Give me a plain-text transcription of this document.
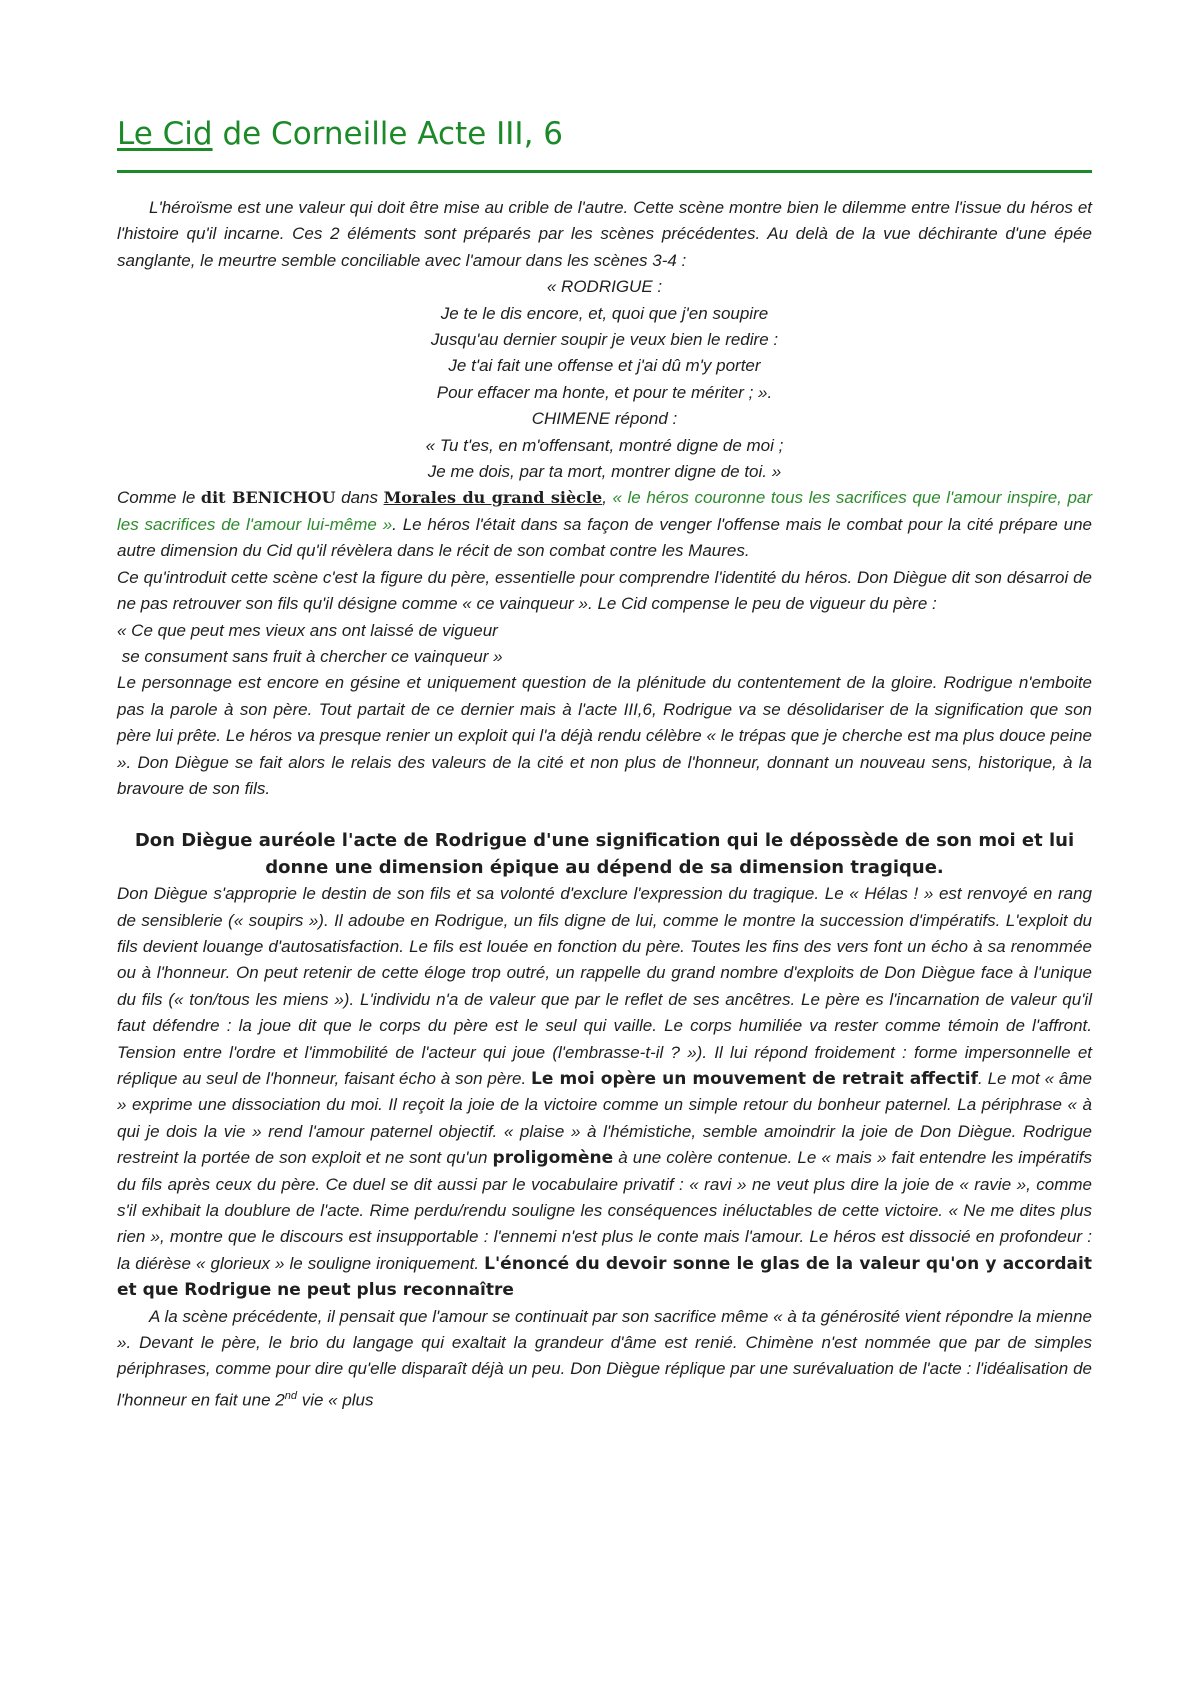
Le Cid de Corneille Acte III, 6

L'héroïsme est une valeur qui doit être mise au crible de l'autre. Cette scène montre bien le dilemme entre l'issue du héros et l'histoire qu'il incarne. Ces 2 éléments sont préparés par les scènes précédentes. Au delà de la vue déchirante d'une épée sanglante, le meurtre semble conciliable avec l'amour dans les scènes 3-4 :

« RODRIGUE :
Je te le dis encore, et, quoi que j'en soupire
Jusqu'au dernier soupir je veux bien le redire :
Je t'ai fait une offense et j'ai dû m'y porter
Pour effacer ma honte, et pour te mériter ; ».
CHIMENE répond :
« Tu t'es, en m'offensant, montré digne de moi ;
Je me dois, par ta mort, montrer digne de toi. »

Comme le dit BENICHOU dans Morales du grand siècle, « le héros couronne tous les sacrifices que l'amour inspire, par les sacrifices de l'amour lui-même ». Le héros l'était dans sa façon de venger l'offense mais le combat pour la cité prépare une autre dimension du Cid qu'il révèlera dans le récit de son combat contre les Maures.

Ce qu'introduit cette scène c'est la figure du père, essentielle pour comprendre l'identité du héros. Don Diègue dit son désarroi de ne pas retrouver son fils qu'il désigne comme « ce vainqueur ». Le Cid compense le peu de vigueur du père :

« Ce que peut mes vieux ans ont laissé de vigueur
se consument sans fruit à chercher ce vainqueur »

Le personnage est encore en gésine et uniquement question de la plénitude du contentement de la gloire. Rodrigue n'emboite pas la parole à son père. Tout partait de ce dernier mais à l'acte III,6, Rodrigue va se désolidariser de la signification que son père lui prête. Le héros va presque renier un exploit qui l'a déjà rendu célèbre « le trépas que je cherche est ma plus douce peine ». Don Diègue se fait alors le relais des valeurs de la cité et non plus de l'honneur, donnant un nouveau sens, historique, à la bravoure de son fils.

Don Diègue auréole l'acte de Rodrigue d'une signification qui le dépossède de son moi et lui donne une dimension épique au dépend de sa dimension tragique.

Don Diègue s'approprie le destin de son fils et sa volonté d'exclure l'expression du tragique. Le « Hélas ! » est renvoyé en rang de sensiblerie (« soupirs »). Il adoube en Rodrigue, un fils digne de lui, comme le montre la succession d'impératifs. L'exploit du fils devient louange d'autosatisfaction. Le fils est louée en fonction du père. Toutes les fins des vers font un écho à sa renommée ou à l'honneur. On peut retenir de cette éloge trop outré, un rappelle du grand nombre d'exploits de Don Diègue face à l'unique du fils (« ton/tous les miens »). L'individu n'a de valeur que par le reflet de ses ancêtres. Le père es l'incarnation de valeur qu'il faut défendre : la joue dit que le corps du père est le seul qui vaille. Le corps humiliée va rester comme témoin de l'affront. Tension entre l'ordre et l'immobilité de l'acteur qui joue (l'embrasse-t-il ? »). Il lui répond froidement : forme impersonnelle et réplique au seul de l'honneur, faisant écho à son père. Le moi opère un mouvement de retrait affectif. Le mot « âme » exprime une dissociation du moi. Il reçoit la joie de la victoire comme un simple retour du bonheur paternel. La périphrase « à qui je dois la vie » rend l'amour paternel objectif. « plaise » à l'hémistiche, semble amoindrir la joie de Don Diègue. Rodrigue restreint la portée de son exploit et ne sont qu'un proligomène à une colère contenue. Le « mais » fait entendre les impératifs du fils après ceux du père. Ce duel se dit aussi par le vocabulaire privatif : « ravi » ne veut plus dire la joie de « ravie », comme s'il exhibait la doublure de l'acte. Rime perdu/rendu souligne les conséquences inéluctables de cette victoire. « Ne me dites plus rien », montre que le discours est insupportable : l'ennemi n'est plus le conte mais l'amour. Le héros est dissocié en profondeur : la diérèse « glorieux » le souligne ironiquement. L'énoncé du devoir sonne le glas de la valeur qu'on y accordait et que Rodrigue ne peut plus reconnaître

A la scène précédente, il pensait que l'amour se continuait par son sacrifice même « à ta générosité vient répondre la mienne ». Devant le père, le brio du langage qui exaltait la grandeur d'âme est renié. Chimène n'est nommée que par de simples périphrases, comme pour dire qu'elle disparaît déjà un peu. Don Diègue réplique par une surévaluation de l'acte : l'idéalisation de l'honneur en fait une 2nd vie « plus
